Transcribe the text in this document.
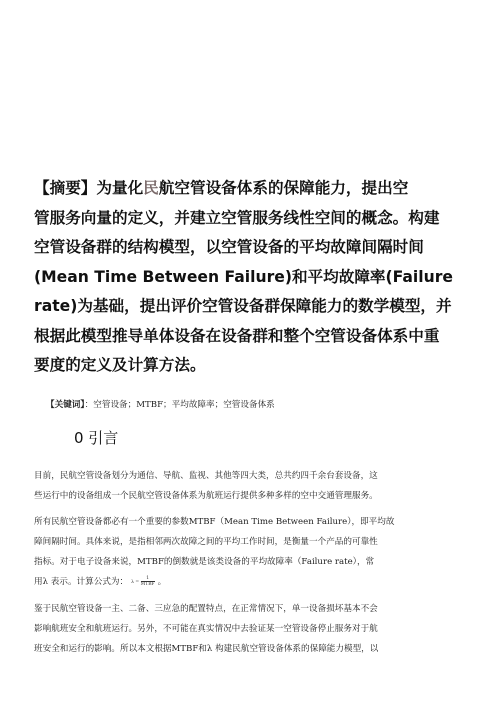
【摘要】为量化民航空管设备体系的保障能力，提出空
管服务向量的定义，并建立空管服务线性空间的概念。构建
空管设备群的结构模型，以空管设备的平均故障间隔时间
(Mean Time Between Failure)和平均故障率(Failure
rate)为基础，提出评价空管设备群保障能力的数学模型，并
根据此模型推导单体设备在设备群和整个空管设备体系中重
要度的定义及计算方法。
【关键词】：空管设备；MTBF；平均故障率；空管设备体系
0 引言
目前，民航空管设备划分为通信、导航、监视、其他等四大类，总共约四千余台套设备，这
些运行中的设备组成一个民航空管设备体系为航班运行提供多种多样的空中交通管理服务。
所有民航空管设备都必有一个重要的参数MTBF（Mean Time Between Failure），即平均故
障间隔时间。具体来说，是指相邻两次故障之间的平均工作时间，是衡量一个产品的可靠性
指标。对于电子设备来说，MTBF的倒数就是该类设备的平均故障率（Failure rate），常
用λ 表示。计算公式为： $\lambda = \frac{1}{\text{MTBF}}$ 。
鉴于民航空管设备一主、二备、三应急的配置特点，在正常情况下，单一设备损坏基本不会
影响航班安全和航班运行。另外，不可能在真实情况中去验证某一空管设备停止服务对于航
班安全和运行的影响。所以本文根据MTBF和λ 构建民航空管设备体系的保障能力模型，以
